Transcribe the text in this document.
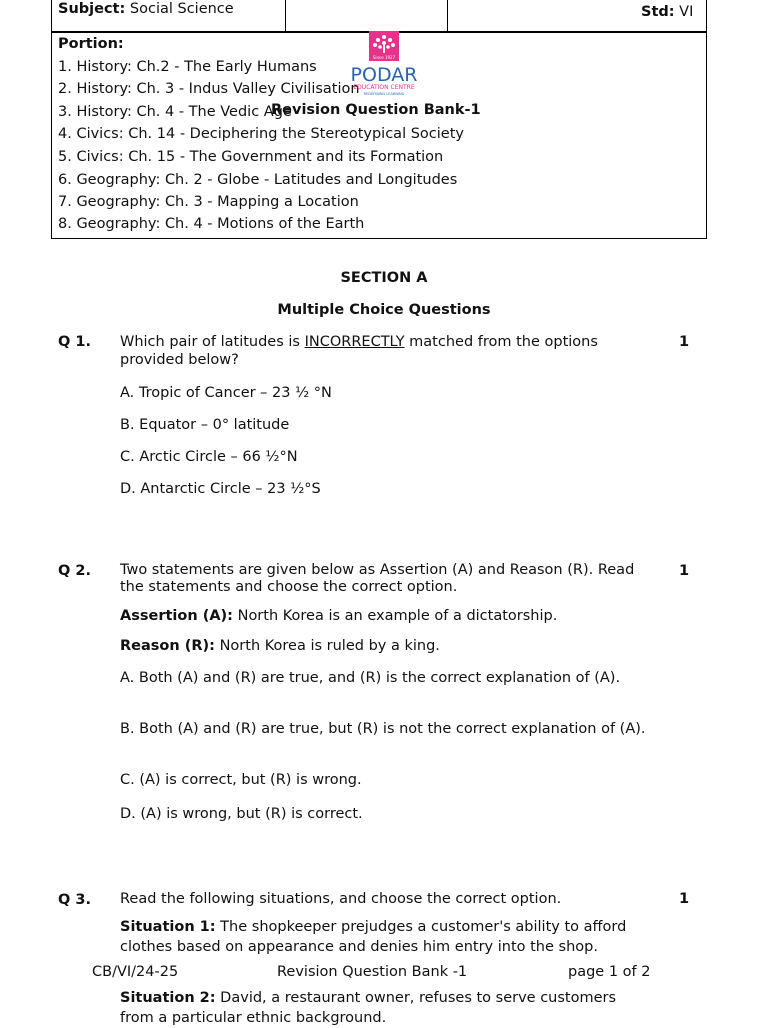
Subject: Social Science	Std: VI
Portion:
1. History: Ch.2 - The Early Humans
2. History: Ch. 3 - Indus Valley Civilisation
3. History: Ch. 4 - The Vedic Age
4. Civics: Ch. 14 - Deciphering the Stereotypical Society
5. Civics: Ch. 15 - The Government and its Formation
6. Geography: Ch. 2 - Globe - Latitudes and Longitudes
7. Geography: Ch. 3 - Mapping a Location
8. Geography: Ch. 4 - Motions of the Earth
Since 1927
PODAR
EDUCATION CENTRE
REDEFINING LEARNING
Revision Question Bank-1
SECTION A
Multiple Choice Questions
Q 1.	1
Which pair of latitudes is INCORRECTLY matched from the options provided below?
A. Tropic of Cancer – 23 ½ °N
B. Equator – 0° latitude
C. Arctic Circle – 66 ½°N
D. Antarctic Circle – 23 ½°S
Q 2.	1
Two statements are given below as Assertion (A) and Reason (R). Read the statements and choose the correct option.
Assertion (A): North Korea is an example of a dictatorship.
Reason (R): North Korea is ruled by a king.
A. Both (A) and (R) are true, and (R) is the correct explanation of (A).
B. Both (A) and (R) are true, but (R) is not the correct explanation of (A).
C. (A) is correct, but (R) is wrong.
D. (A) is wrong, but (R) is correct.
Q 3.	1
Read the following situations, and choose the correct option.
Situation 1: The shopkeeper prejudges a customer's ability to afford clothes based on appearance and denies him entry into the shop.
Situation 2: David, a restaurant owner, refuses to serve customers from a particular ethnic background.
CB/VI/24-25	Revision Question Bank -1	page 1 of 2
